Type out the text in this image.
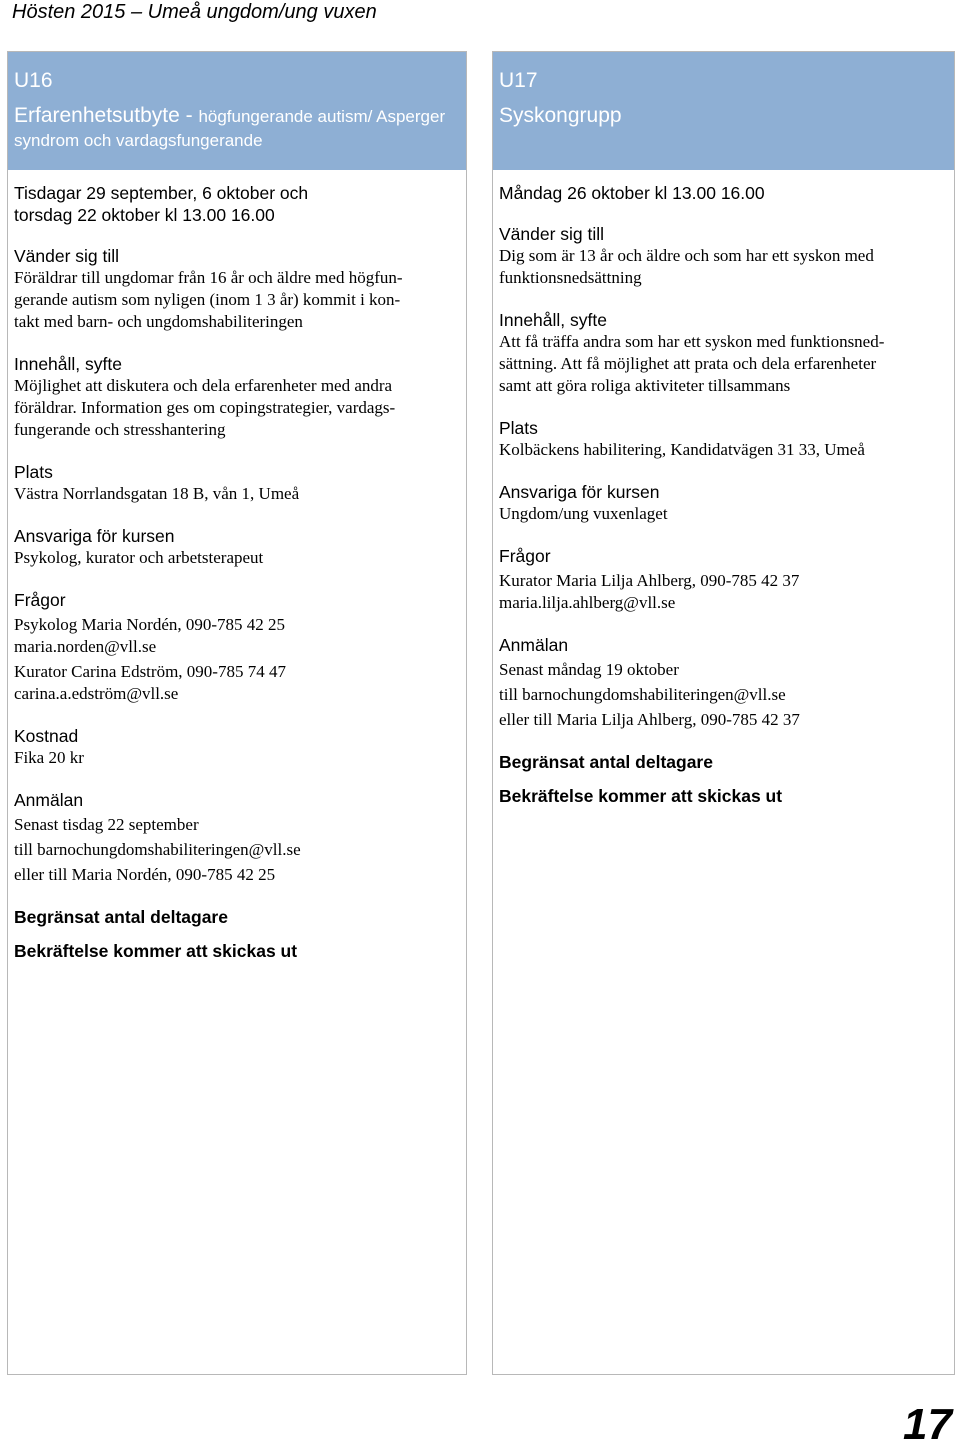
Hösten 2015 – Umeå ungdom/ung vuxen
U16
Erfarenhetsutbyte - högfungerande autism/ Asperger syndrom och vardagsfungerande
Tisdagar 29 september, 6 oktober och
torsdag 22 oktober kl 13.00 16.00
Vänder sig till
Föräldrar till ungdomar från 16 år och äldre med högfun-
gerande autism som nyligen (inom 1 3 år) kommit i kon-
takt med barn- och ungdomshabiliteringen
Innehåll, syfte
Möjlighet att diskutera och dela erfarenheter med andra
föräldrar. Information ges om copingstrategier, vardags-
fungerande och stresshantering
Plats
Västra Norrlandsgatan 18 B, vån 1, Umeå
Ansvariga för kursen
Psykolog, kurator och arbetsterapeut
Frågor
Psykolog Maria Nordén, 090-785 42 25
maria.norden@vll.se
Kurator Carina Edström, 090-785 74 47
carina.a.edström@vll.se
Kostnad
Fika 20 kr
Anmälan
Senast tisdag 22 september
till barnochungdomshabiliteringen@vll.se
eller till Maria Nordén, 090-785 42 25
Begränsat antal deltagare
Bekräftelse kommer att skickas ut
U17
Syskongrupp
Måndag 26 oktober kl 13.00 16.00
Vänder sig till
Dig som är 13 år och äldre och som har ett syskon med
funktionsnedsättning
Innehåll, syfte
Att få träffa andra som har ett syskon med funktionsned-
sättning. Att få möjlighet att prata och dela erfarenheter
samt att göra roliga aktiviteter tillsammans
Plats
Kolbäckens habilitering, Kandidatvägen 31 33, Umeå
Ansvariga för kursen
Ungdom/ung vuxenlaget
Frågor
Kurator Maria Lilja Ahlberg, 090-785 42 37
maria.lilja.ahlberg@vll.se
Anmälan
Senast måndag 19 oktober
till barnochungdomshabiliteringen@vll.se
eller till Maria Lilja Ahlberg, 090-785 42 37
Begränsat antal deltagare
Bekräftelse kommer att skickas ut
17
